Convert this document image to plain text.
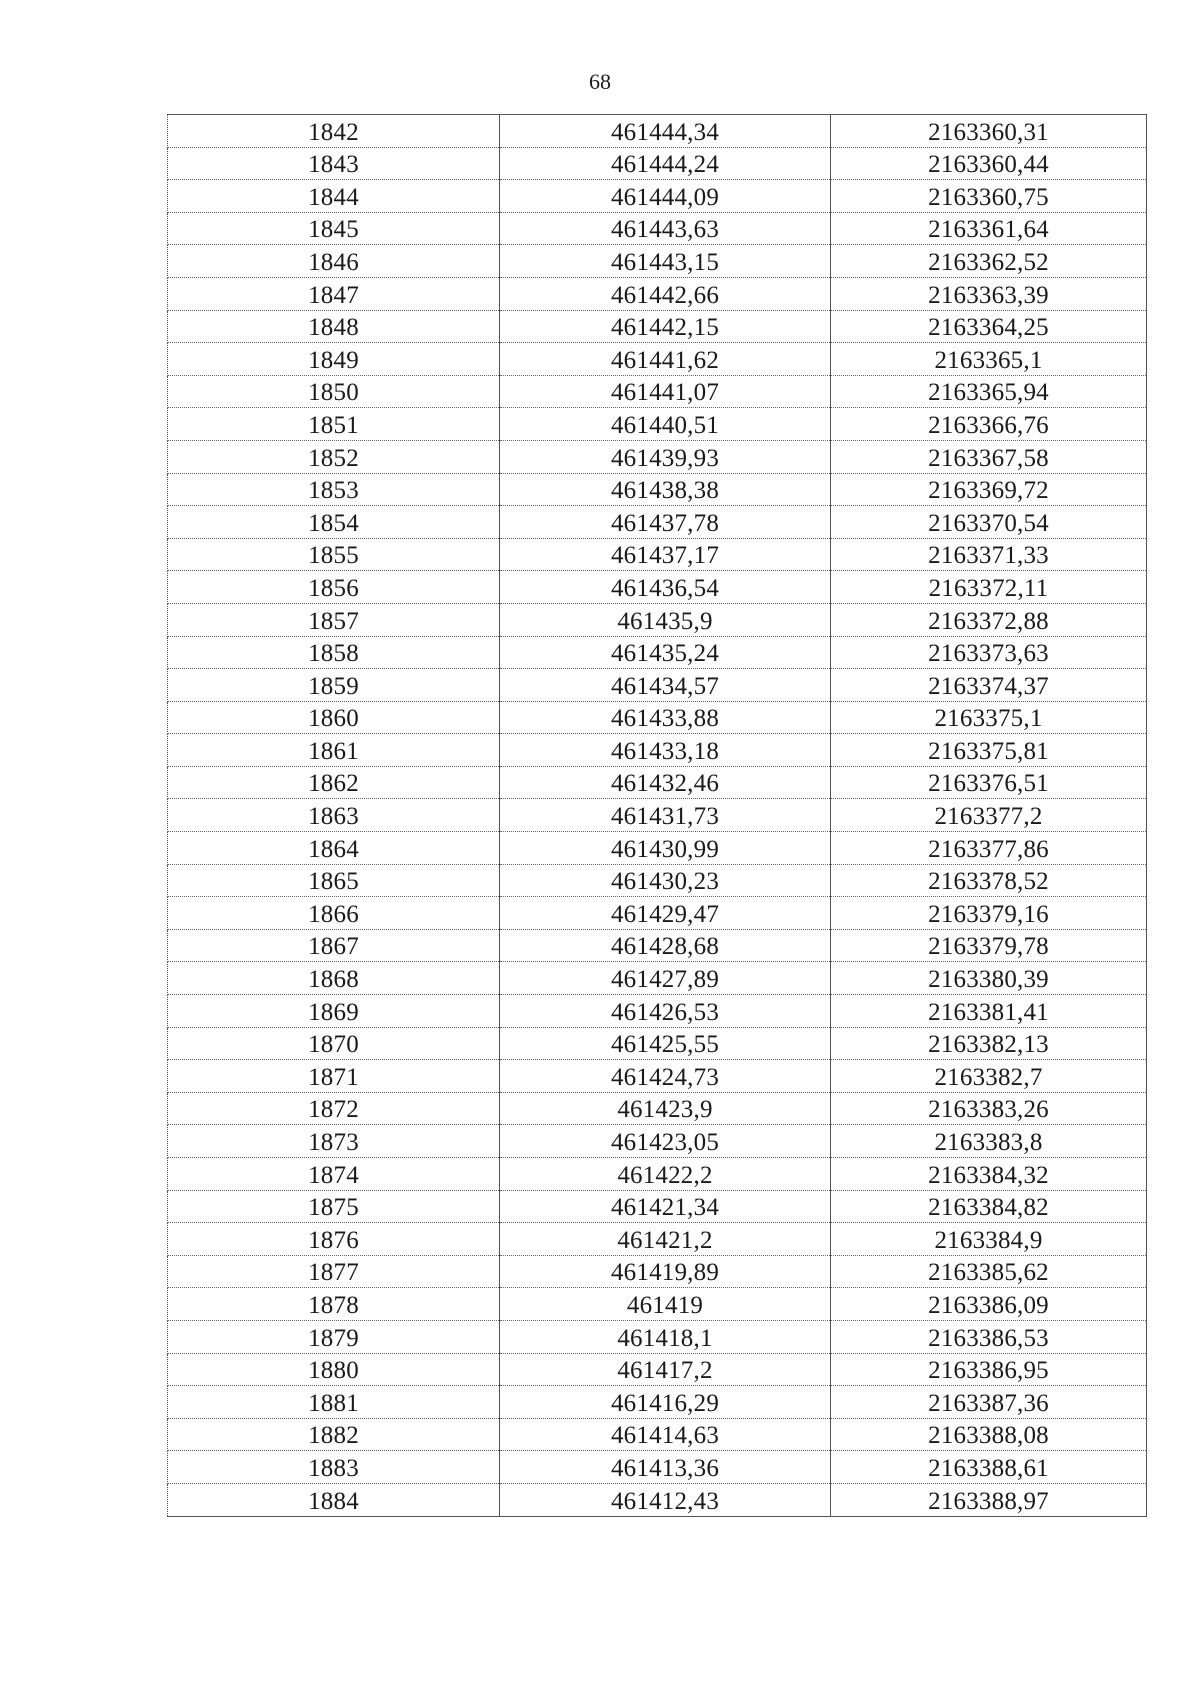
68
1842	461444,34	2163360,31
1843	461444,24	2163360,44
1844	461444,09	2163360,75
1845	461443,63	2163361,64
1846	461443,15	2163362,52
1847	461442,66	2163363,39
1848	461442,15	2163364,25
1849	461441,62	2163365,1
1850	461441,07	2163365,94
1851	461440,51	2163366,76
1852	461439,93	2163367,58
1853	461438,38	2163369,72
1854	461437,78	2163370,54
1855	461437,17	2163371,33
1856	461436,54	2163372,11
1857	461435,9	2163372,88
1858	461435,24	2163373,63
1859	461434,57	2163374,37
1860	461433,88	2163375,1
1861	461433,18	2163375,81
1862	461432,46	2163376,51
1863	461431,73	2163377,2
1864	461430,99	2163377,86
1865	461430,23	2163378,52
1866	461429,47	2163379,16
1867	461428,68	2163379,78
1868	461427,89	2163380,39
1869	461426,53	2163381,41
1870	461425,55	2163382,13
1871	461424,73	2163382,7
1872	461423,9	2163383,26
1873	461423,05	2163383,8
1874	461422,2	2163384,32
1875	461421,34	2163384,82
1876	461421,2	2163384,9
1877	461419,89	2163385,62
1878	461419	2163386,09
1879	461418,1	2163386,53
1880	461417,2	2163386,95
1881	461416,29	2163387,36
1882	461414,63	2163388,08
1883	461413,36	2163388,61
1884	461412,43	2163388,97
